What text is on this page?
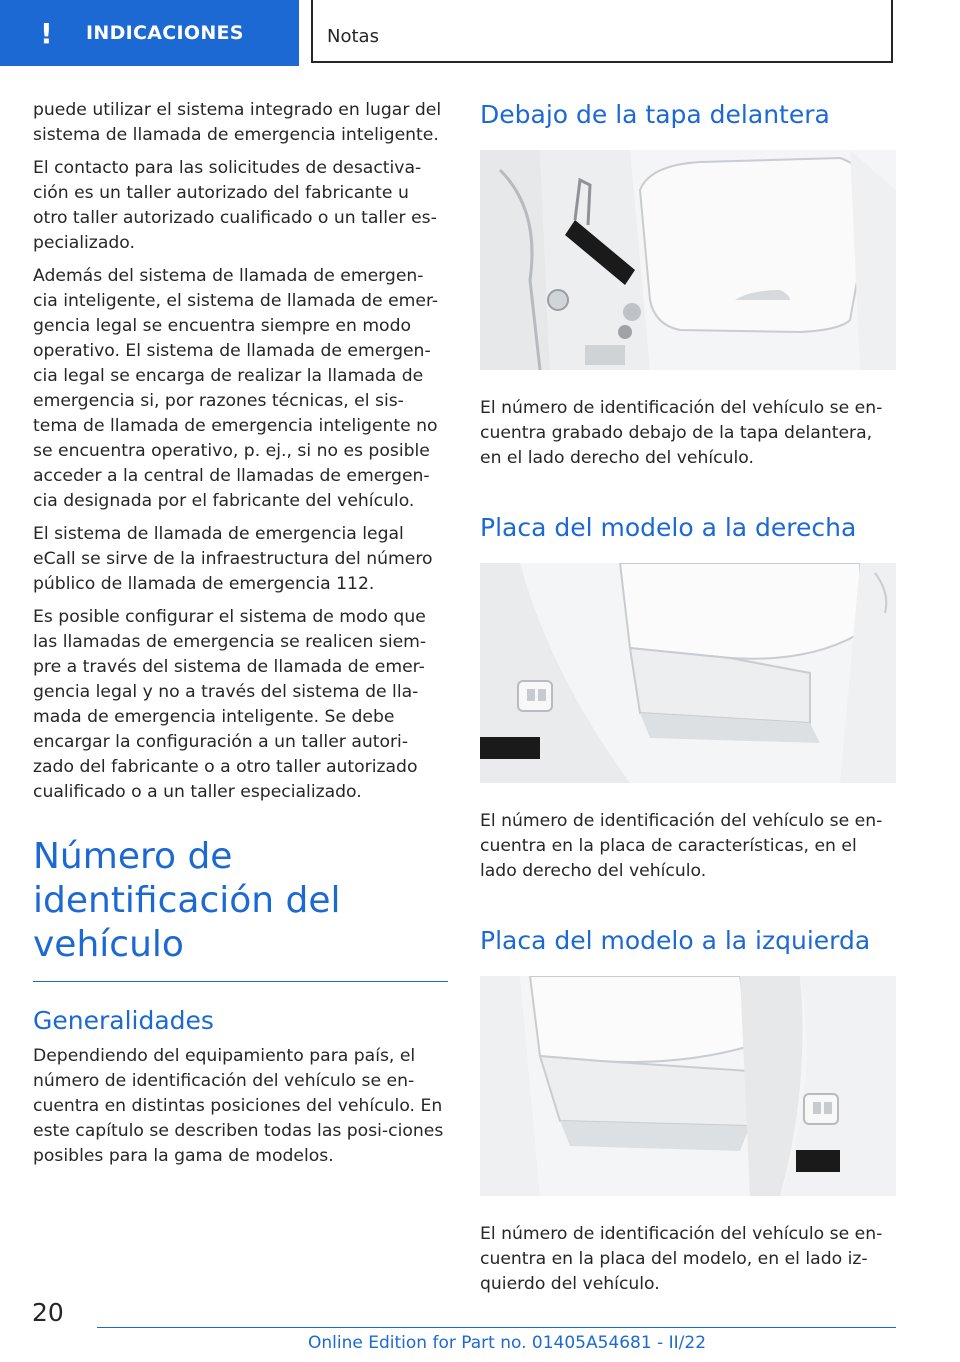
!	INDICACIONES	Notas

puede utilizar el sistema integrado en lugar del sistema de llamada de emergencia inteligente.

El contacto para las solicitudes de desactiva-ción es un taller autorizado del fabricante u otro taller autorizado cualificado o un taller es-pecializado.

Además del sistema de llamada de emergen-cia inteligente, el sistema de llamada de emer-gencia legal se encuentra siempre en modo operativo. El sistema de llamada de emergen-cia legal se encarga de realizar la llamada de emergencia si, por razones técnicas, el sis-tema de llamada de emergencia inteligente no se encuentra operativo, p. ej., si no es posible acceder a la central de llamadas de emergen-cia designada por el fabricante del vehículo.

El sistema de llamada de emergencia legal eCall se sirve de la infraestructura del número público de llamada de emergencia 112.

Es posible configurar el sistema de modo que las llamadas de emergencia se realicen siem-pre a través del sistema de llamada de emer-gencia legal y no a través del sistema de lla-mada de emergencia inteligente. Se debe encargar la configuración a un taller autori-zado del fabricante o a otro taller autorizado cualificado o a un taller especializado.

Número de identificación del vehículo
Generalidades

Dependiendo del equipamiento para país, el número de identificación del vehículo se en-cuentra en distintas posiciones del vehículo. En este capítulo se describen todas las posi-ciones posibles para la gama de modelos.

Debajo de la tapa delantera

El número de identificación del vehículo se en-cuentra grabado debajo de la tapa delantera, en el lado derecho del vehículo.

Placa del modelo a la derecha

El número de identificación del vehículo se en-cuentra en la placa de características, en el lado derecho del vehículo.

Placa del modelo a la izquierda

El número de identificación del vehículo se en-cuentra en la placa del modelo, en el lado iz-quierdo del vehículo.

20
Online Edition for Part no. 01405A54681 - II/22
